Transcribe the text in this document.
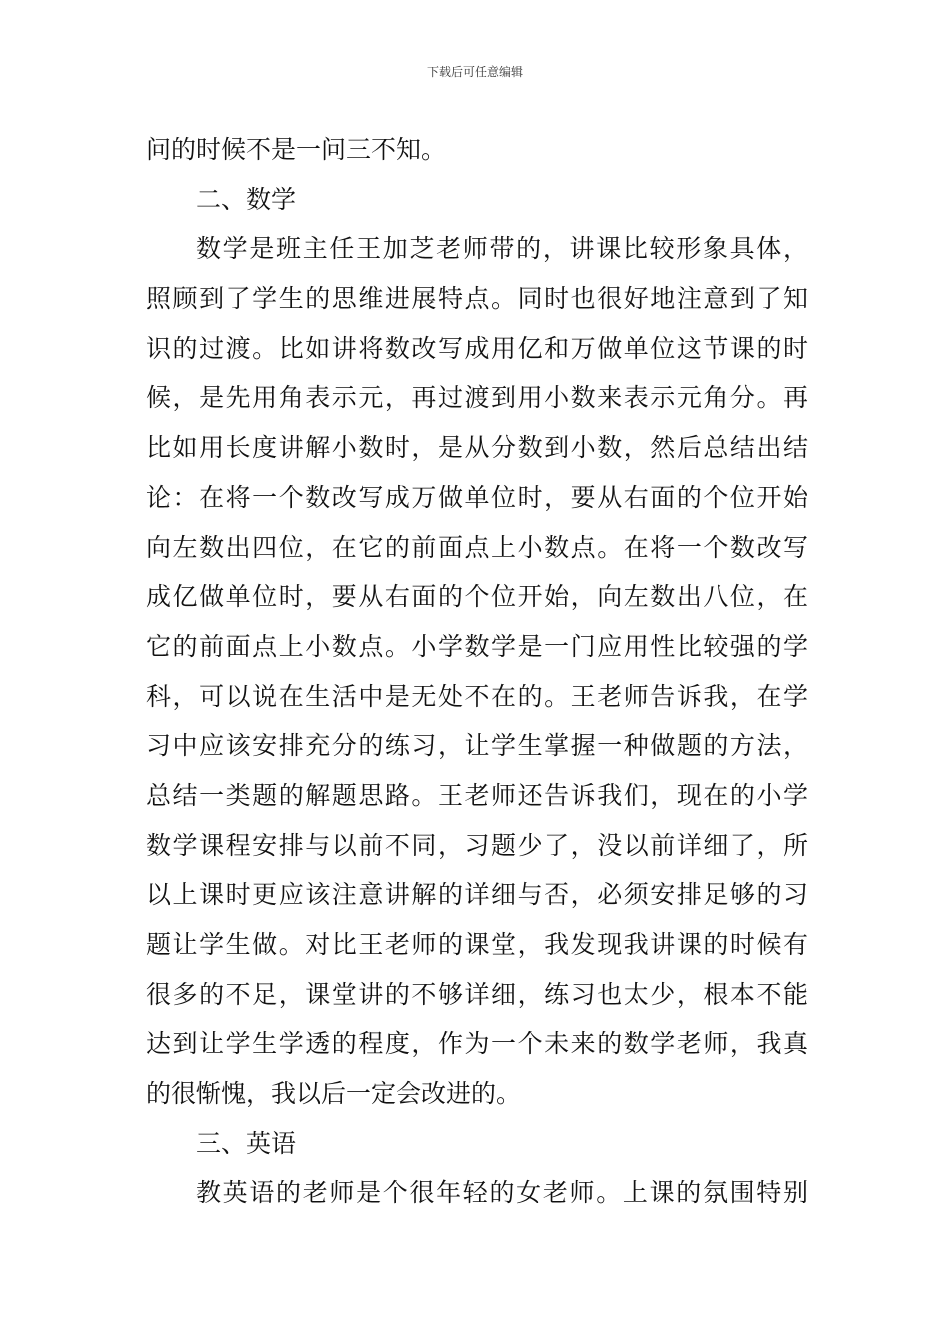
下载后可任意编辑
问的时候不是一问三不知。
二、数学
数学是班主任王加芝老师带的，讲课比较形象具体，
照顾到了学生的思维进展特点。同时也很好地注意到了知
识的过渡。比如讲将数改写成用亿和万做单位这节课的时
候，是先用角表示元，再过渡到用小数来表示元角分。再
比如用长度讲解小数时，是从分数到小数，然后总结出结
论：在将一个数改写成万做单位时，要从右面的个位开始
向左数出四位，在它的前面点上小数点。在将一个数改写
成亿做单位时，要从右面的个位开始，向左数出八位，在
它的前面点上小数点。小学数学是一门应用性比较强的学
科，可以说在生活中是无处不在的。王老师告诉我，在学
习中应该安排充分的练习，让学生掌握一种做题的方法，
总结一类题的解题思路。王老师还告诉我们，现在的小学
数学课程安排与以前不同，习题少了，没以前详细了，所
以上课时更应该注意讲解的详细与否，必须安排足够的习
题让学生做。对比王老师的课堂，我发现我讲课的时候有
很多的不足，课堂讲的不够详细，练习也太少，根本不能
达到让学生学透的程度，作为一个未来的数学老师，我真
的很惭愧，我以后一定会改进的。
三、英语
教英语的老师是个很年轻的女老师。上课的氛围特别
